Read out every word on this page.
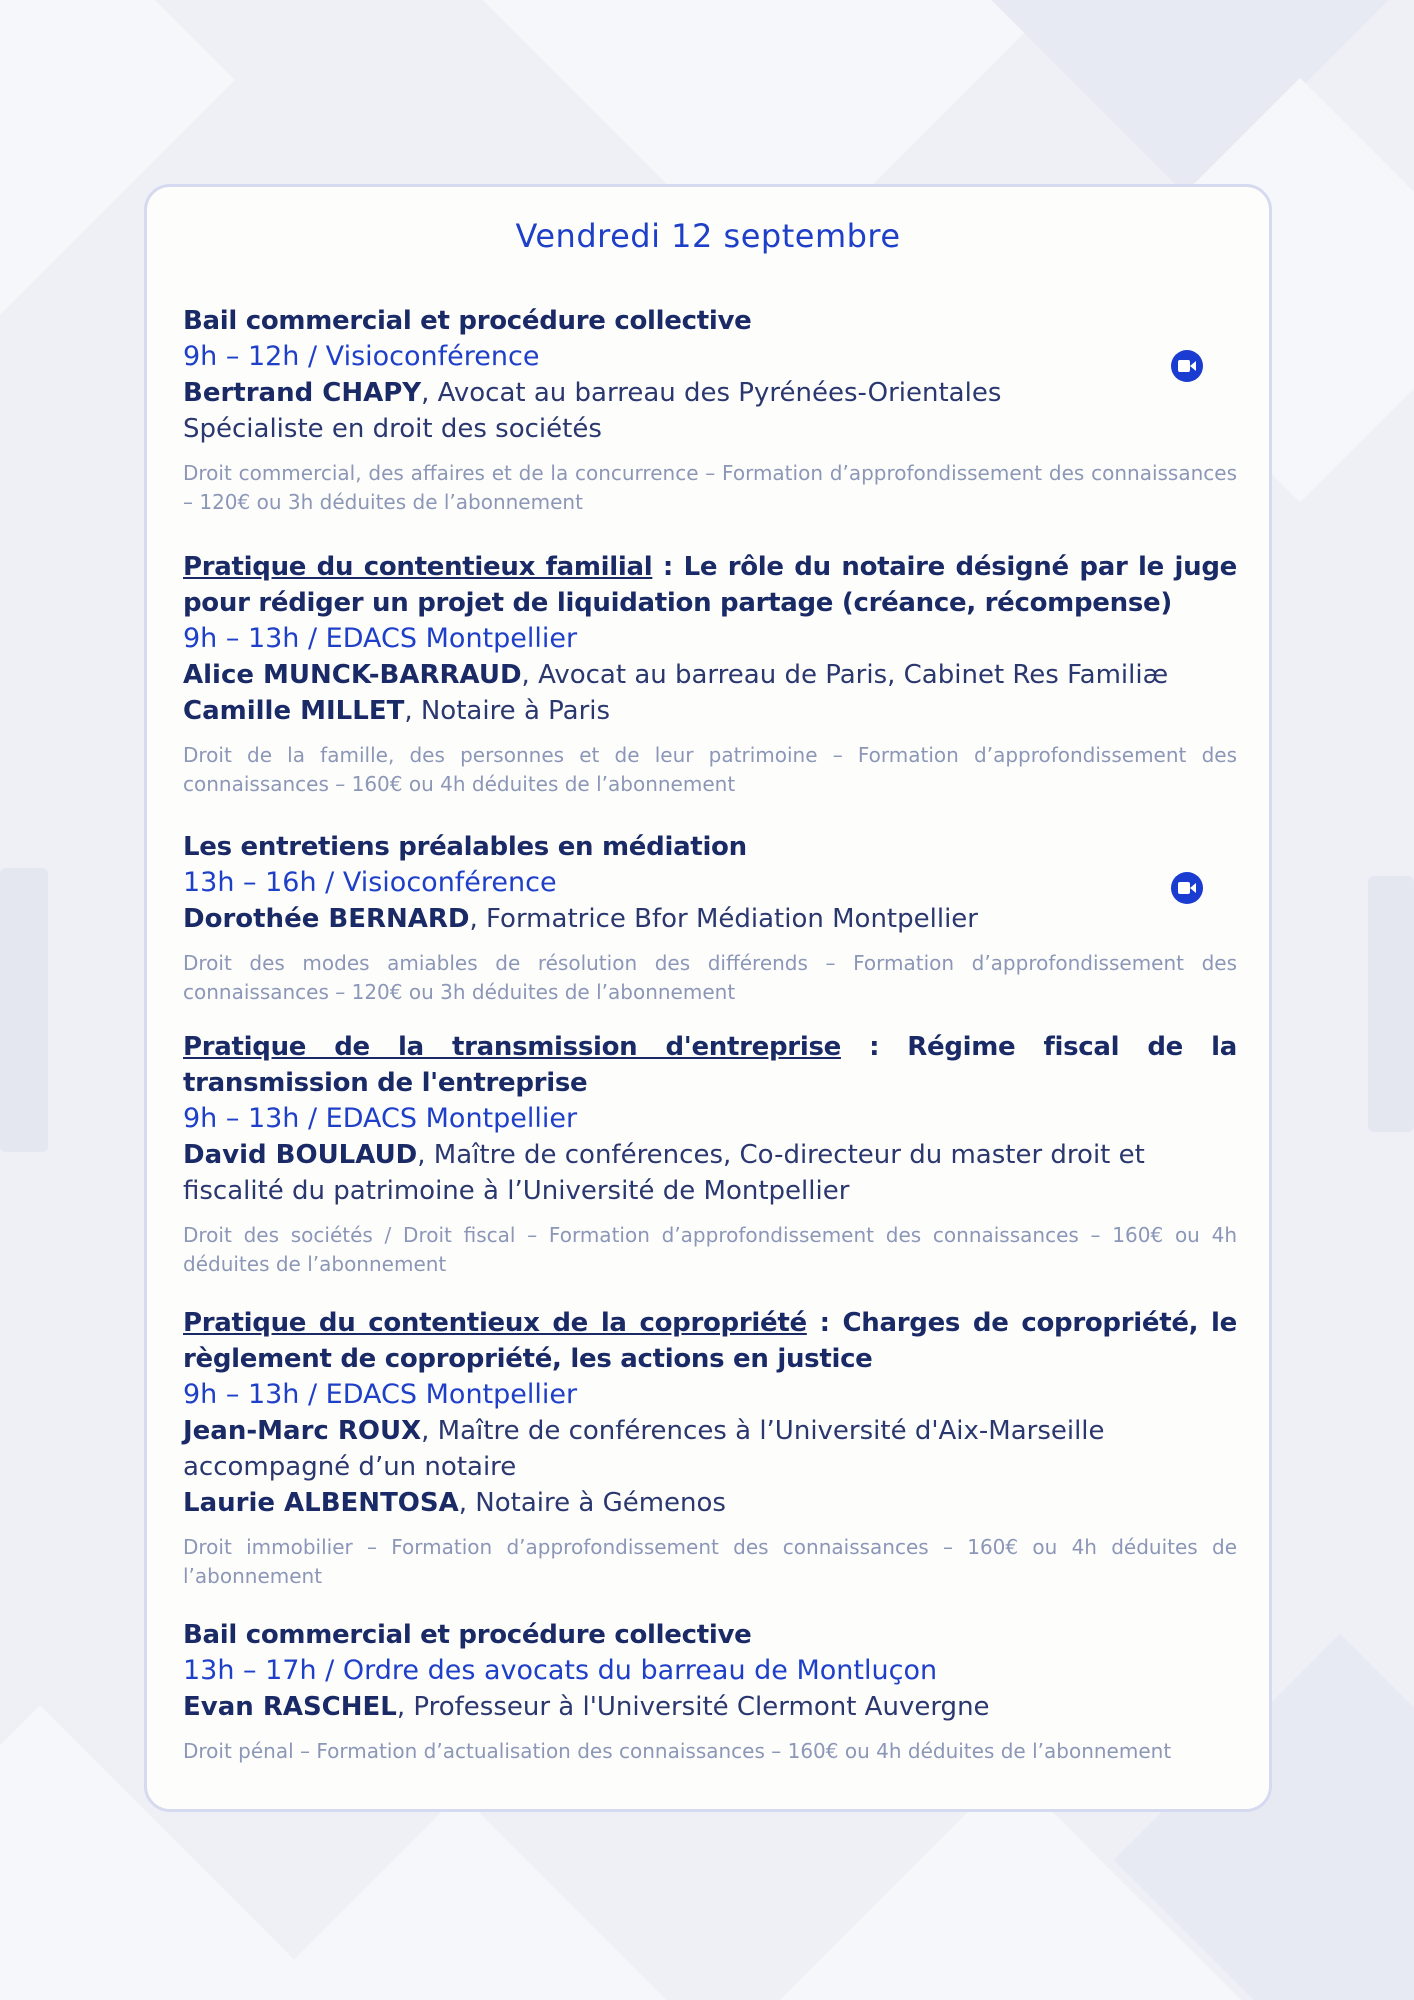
Vendredi 12 septembre
Bail commercial et procédure collective
9h – 12h / Visioconférence
Bertrand CHAPY, Avocat au barreau des Pyrénées-Orientales
Spécialiste en droit des sociétés
Droit commercial, des affaires et de la concurrence – Formation d’approfondissement des connaissances – 120€ ou 3h déduites de l’abonnement
Pratique du contentieux familial : Le rôle du notaire désigné par le juge pour rédiger un projet de liquidation partage (créance, récompense)
9h – 13h / EDACS Montpellier
Alice MUNCK-BARRAUD, Avocat au barreau de Paris, Cabinet Res Familiæ
Camille MILLET, Notaire à Paris
Droit de la famille, des personnes et de leur patrimoine – Formation d’approfondissement des connaissances – 160€ ou 4h déduites de l’abonnement
Les entretiens préalables en médiation
13h – 16h / Visioconférence
Dorothée BERNARD, Formatrice Bfor Médiation Montpellier
Droit des modes amiables de résolution des différends – Formation d’approfondissement des connaissances – 120€ ou 3h déduites de l’abonnement
Pratique de la transmission d'entreprise : Régime fiscal de la transmission de l'entreprise
9h – 13h / EDACS Montpellier
David BOULAUD, Maître de conférences, Co-directeur du master droit et fiscalité du patrimoine à l’Université de Montpellier
Droit des sociétés / Droit fiscal – Formation d’approfondissement des connaissances – 160€ ou 4h déduites de l’abonnement
Pratique du contentieux de la copropriété : Charges de copropriété, le règlement de copropriété, les actions en justice
9h – 13h / EDACS Montpellier
Jean-Marc ROUX, Maître de conférences à l’Université d'Aix-Marseille
accompagné d’un notaire
Laurie ALBENTOSA, Notaire à Gémenos
Droit immobilier – Formation d’approfondissement des connaissances – 160€ ou 4h déduites de l’abonnement
Bail commercial et procédure collective
13h – 17h / Ordre des avocats du barreau de Montluçon
Evan RASCHEL, Professeur à l'Université Clermont Auvergne
Droit pénal – Formation d’actualisation des connaissances – 160€ ou 4h déduites de l’abonnement
